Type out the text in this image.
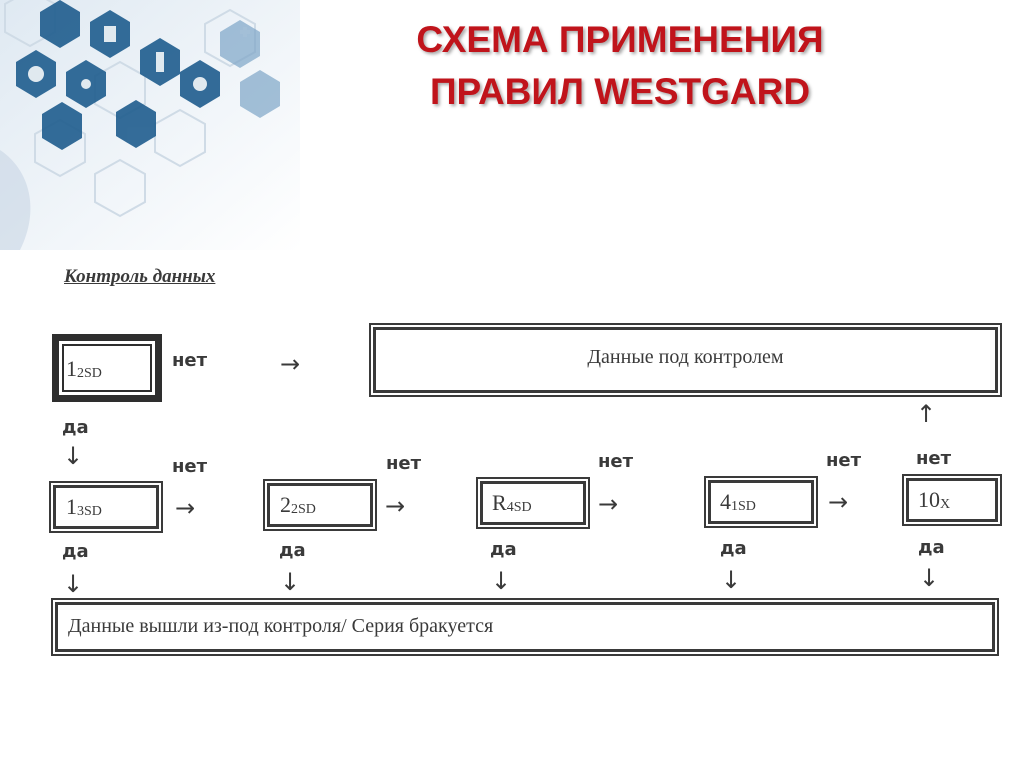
СХЕМА ПРИМЕНЕНИЯ
ПРАВИЛ WESTGARD
Контроль данных
$1_{2SD}$
нет	→	Данные под контролем
↑
да
↓	нет	нет	нет	нет	нет
$1_{3SD}$	→	$2_{2SD}$	→	$R_{4SD}$	→	$4_{1SD}$	→	$10_X$
да
↓
да
↓
да
↓
да
↓
да
↓
Данные вышли из-под контроля/ Серия бракуется
